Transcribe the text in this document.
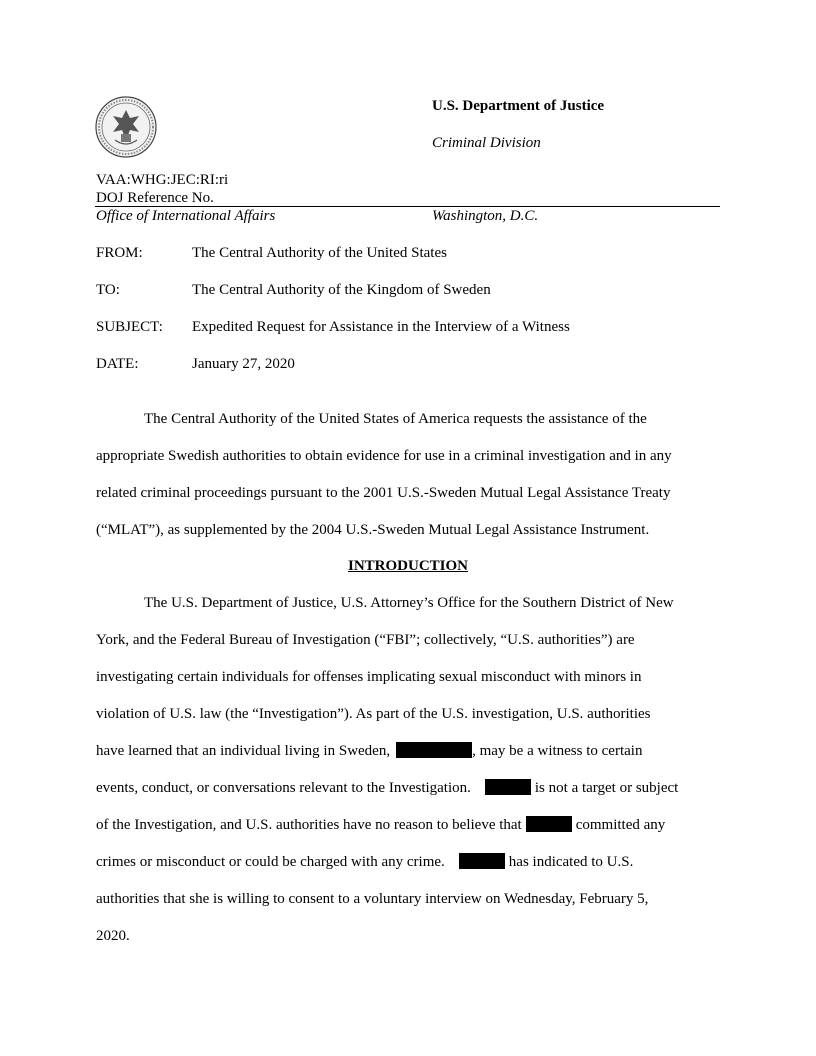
U.S. Department of Justice
Criminal Division
VAA:WHG:JEC:RI:ri
DOJ Reference No.
Office of International Affairs	Washington, D.C.
FROM:	The Central Authority of the United States
TO:	The Central Authority of the Kingdom of Sweden
SUBJECT: Expedited Request for Assistance in the Interview of a Witness
DATE:	January 27, 2020
The Central Authority of the United States of America requests the assistance of the
appropriate Swedish authorities to obtain evidence for use in a criminal investigation and in any
related criminal proceedings pursuant to the 2001 U.S.-Sweden Mutual Legal Assistance Treaty
(“MLAT”), as supplemented by the 2004 U.S.-Sweden Mutual Legal Assistance Instrument.
INTRODUCTION
The U.S. Department of Justice, U.S. Attorney’s Office for the Southern District of New
York, and the Federal Bureau of Investigation (“FBI”; collectively, “U.S. authorities”) are
investigating certain individuals for offenses implicating sexual misconduct with minors in
violation of U.S. law (the “Investigation”). As part of the U.S. investigation, U.S. authorities
have learned that an individual living in Sweden,	, may be a witness to certain
events, conduct, or conversations relevant to the Investigation.	is not a target or subject
of the Investigation, and U.S. authorities have no reason to believe that	committed any
crimes or misconduct or could be charged with any crime.	has indicated to U.S.
authorities that she is willing to consent to a voluntary interview on Wednesday, February 5,
2020.
